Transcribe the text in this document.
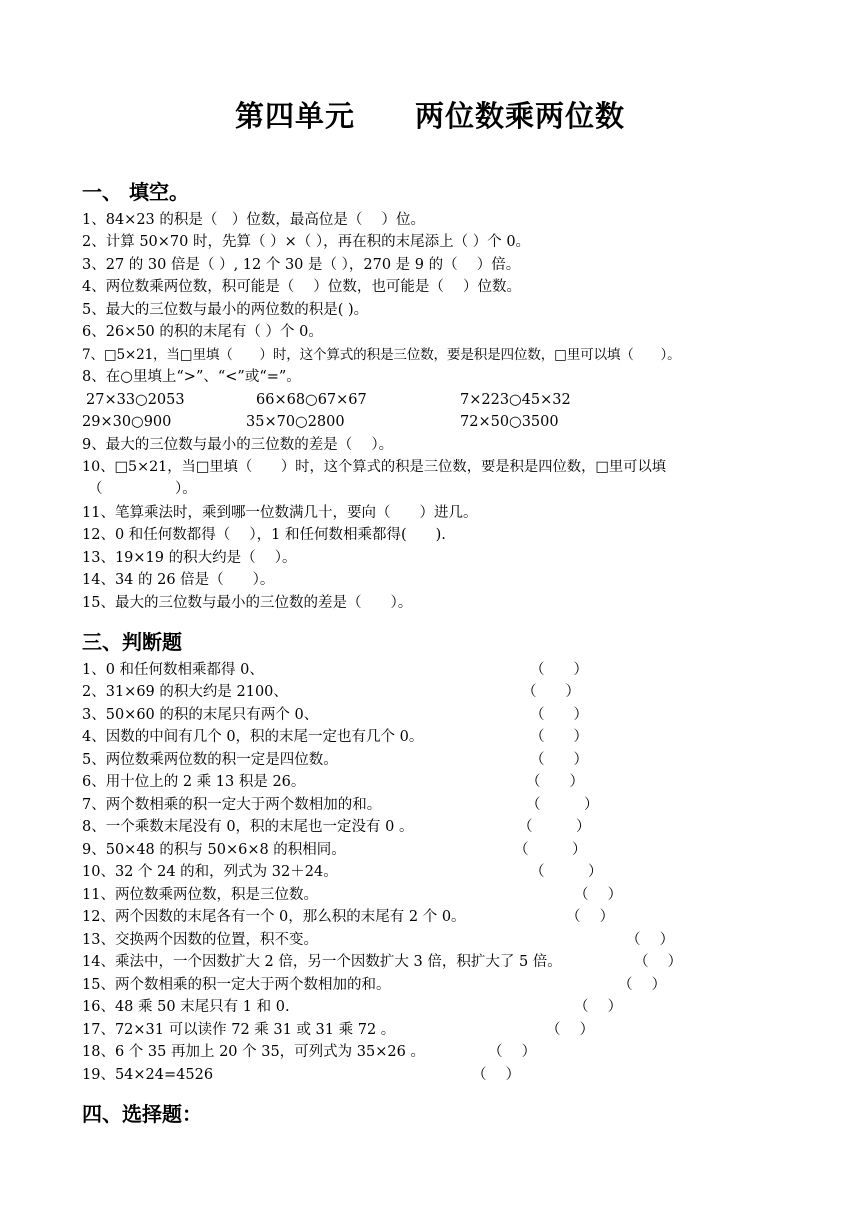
第四单元　　两位数乘两位数
一、 填空。
1、84×23 的积是（　）位数，最高位是（　 ）位。
2、计算 50×70 时，先算（ ）×（ ），再在积的末尾添上（ ）个 0。
3、27 的 30 倍是（ ）, 12 个 30 是（ ），270 是 9 的（　 ）倍。
4、两位数乘两位数，积可能是（　 ）位数，也可能是（　 ）位数。
5、最大的三位数与最小的两位数的积是( )。
6、26×50 的积的末尾有（ ）个 0。
7、□5×21，当□里填（　　）时，这个算式的积是三位数，要是积是四位数，□里可以填（　　）。
8、在○里填上“>”、“<”或“=”。
27×33○2053	66×68○67×67	7×223○45×32
29×30○900	35×70○2800	72×50○3500
9、最大的三位数与最小的三位数的差是（　 ）。
10、□5×21，当□里填（　　）时，这个算式的积是三位数，要是积是四位数，□里可以填
（　　　　　）。
11、笔算乘法时，乘到哪一位数满几十，要向（　　）进几。
12、0 和任何数都得（　 ），1 和任何数相乘都得(　　).
13、19×19 的积大约是（　 ）。
14、34 的 26 倍是（　　）。
15、最大的三位数与最小的三位数的差是（　　）。
三、判断题
1、0 和任何数相乘都得 0、	（　　）
2、31×69 的积大约是 2100、	（　　）
3、50×60 的积的末尾只有两个 0、	（　　）
4、因数的中间有几个 0，积的末尾一定也有几个 0。	（　　）
5、两位数乘两位数的积一定是四位数。	（　　）
6、用十位上的 2 乘 13 积是 26。	（　　）
7、两个数相乘的积一定大于两个数相加的和。	（　　　）
8、一个乘数末尾没有 0，积的末尾也一定没有 0 。	（　　　）
9、50×48 的积与 50×6×8 的积相同。	（　　　）
10、32 个 24 的和，列式为 32＋24。	（　　　）
11、两位数乘两位数，积是三位数。	（　 ）
12、两个因数的末尾各有一个 0，那么积的末尾有 2 个 0。	（　 ）
13、交换两个因数的位置，积不变。	（　 ）
14、乘法中，一个因数扩大 2 倍，另一个因数扩大 3 倍，积扩大了 5 倍。	（　 ）
15、两个数相乘的积一定大于两个数相加的和。	（　 ）
16、48 乘 50 末尾只有 1 和 0.	（　 ）
17、72×31 可以读作 72 乘 31 或 31 乘 72 。	（　 ）
18、6 个 35 再加上 20 个 35，可列式为 35×26 。	（　 ）
19、54×24=4526	（　 ）
四、选择题：
